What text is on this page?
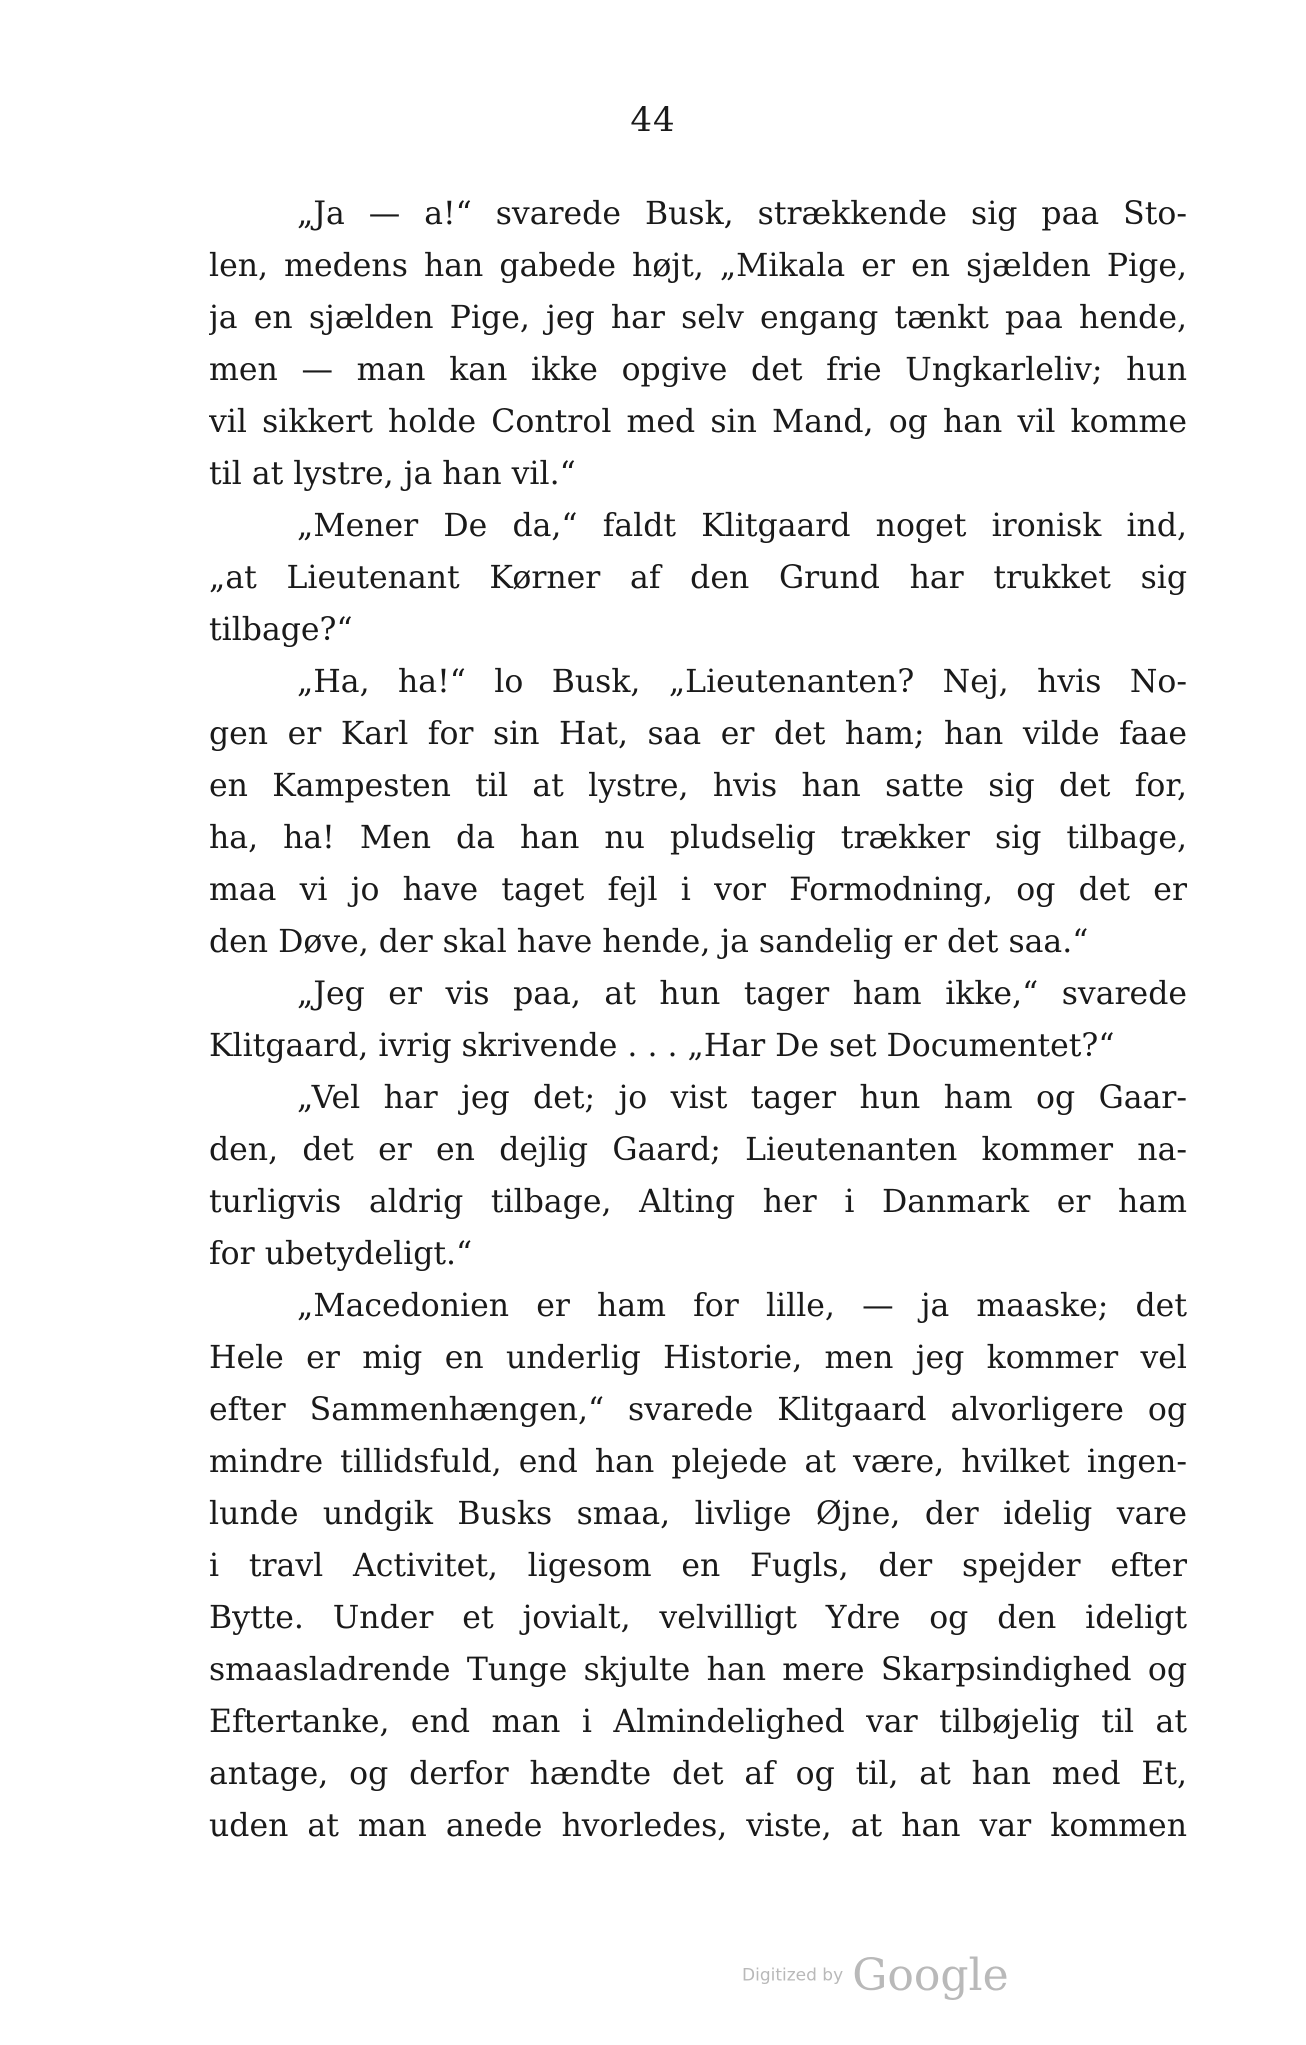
44
„Ja — a!“ svarede Busk, strækkende sig paa Sto-
len, medens han gabede højt, „Mikala er en sjælden Pige,
ja en sjælden Pige, jeg har selv engang tænkt paa hende,
men — man kan ikke opgive det frie Ungkarleliv; hun
vil sikkert holde Control med sin Mand, og han vil komme
til at lystre, ja han vil.“
„Mener De da,“ faldt Klitgaard noget ironisk ind,
„at Lieutenant Kørner af den Grund har trukket sig
tilbage?“
„Ha, ha!“ lo Busk, „Lieutenanten? Nej, hvis No-
gen er Karl for sin Hat, saa er det ham; han vilde faae
en Kampesten til at lystre, hvis han satte sig det for,
ha, ha! Men da han nu pludselig trækker sig tilbage,
maa vi jo have taget fejl i vor Formodning, og det er
den Døve, der skal have hende, ja sandelig er det saa.“
„Jeg er vis paa, at hun tager ham ikke,“ svarede
Klitgaard, ivrig skrivende . . . „Har De set Documentet?“
„Vel har jeg det; jo vist tager hun ham og Gaar-
den, det er en dejlig Gaard; Lieutenanten kommer na-
turligvis aldrig tilbage, Alting her i Danmark er ham
for ubetydeligt.“
„Macedonien er ham for lille, — ja maaske; det
Hele er mig en underlig Historie, men jeg kommer vel
efter Sammenhængen,“ svarede Klitgaard alvorligere og
mindre tillidsfuld, end han plejede at være, hvilket ingen-
lunde undgik Busks smaa, livlige Øjne, der idelig vare
i travl Activitet, ligesom en Fugls, der spejder efter
Bytte. Under et jovialt, velvilligt Ydre og den ideligt
smaasladrende Tunge skjulte han mere Skarpsindighed og
Eftertanke, end man i Almindelighed var tilbøjelig til at
antage, og derfor hændte det af og til, at han med Et,
uden at man anede hvorledes, viste, at han var kommen
Digitized by Google
